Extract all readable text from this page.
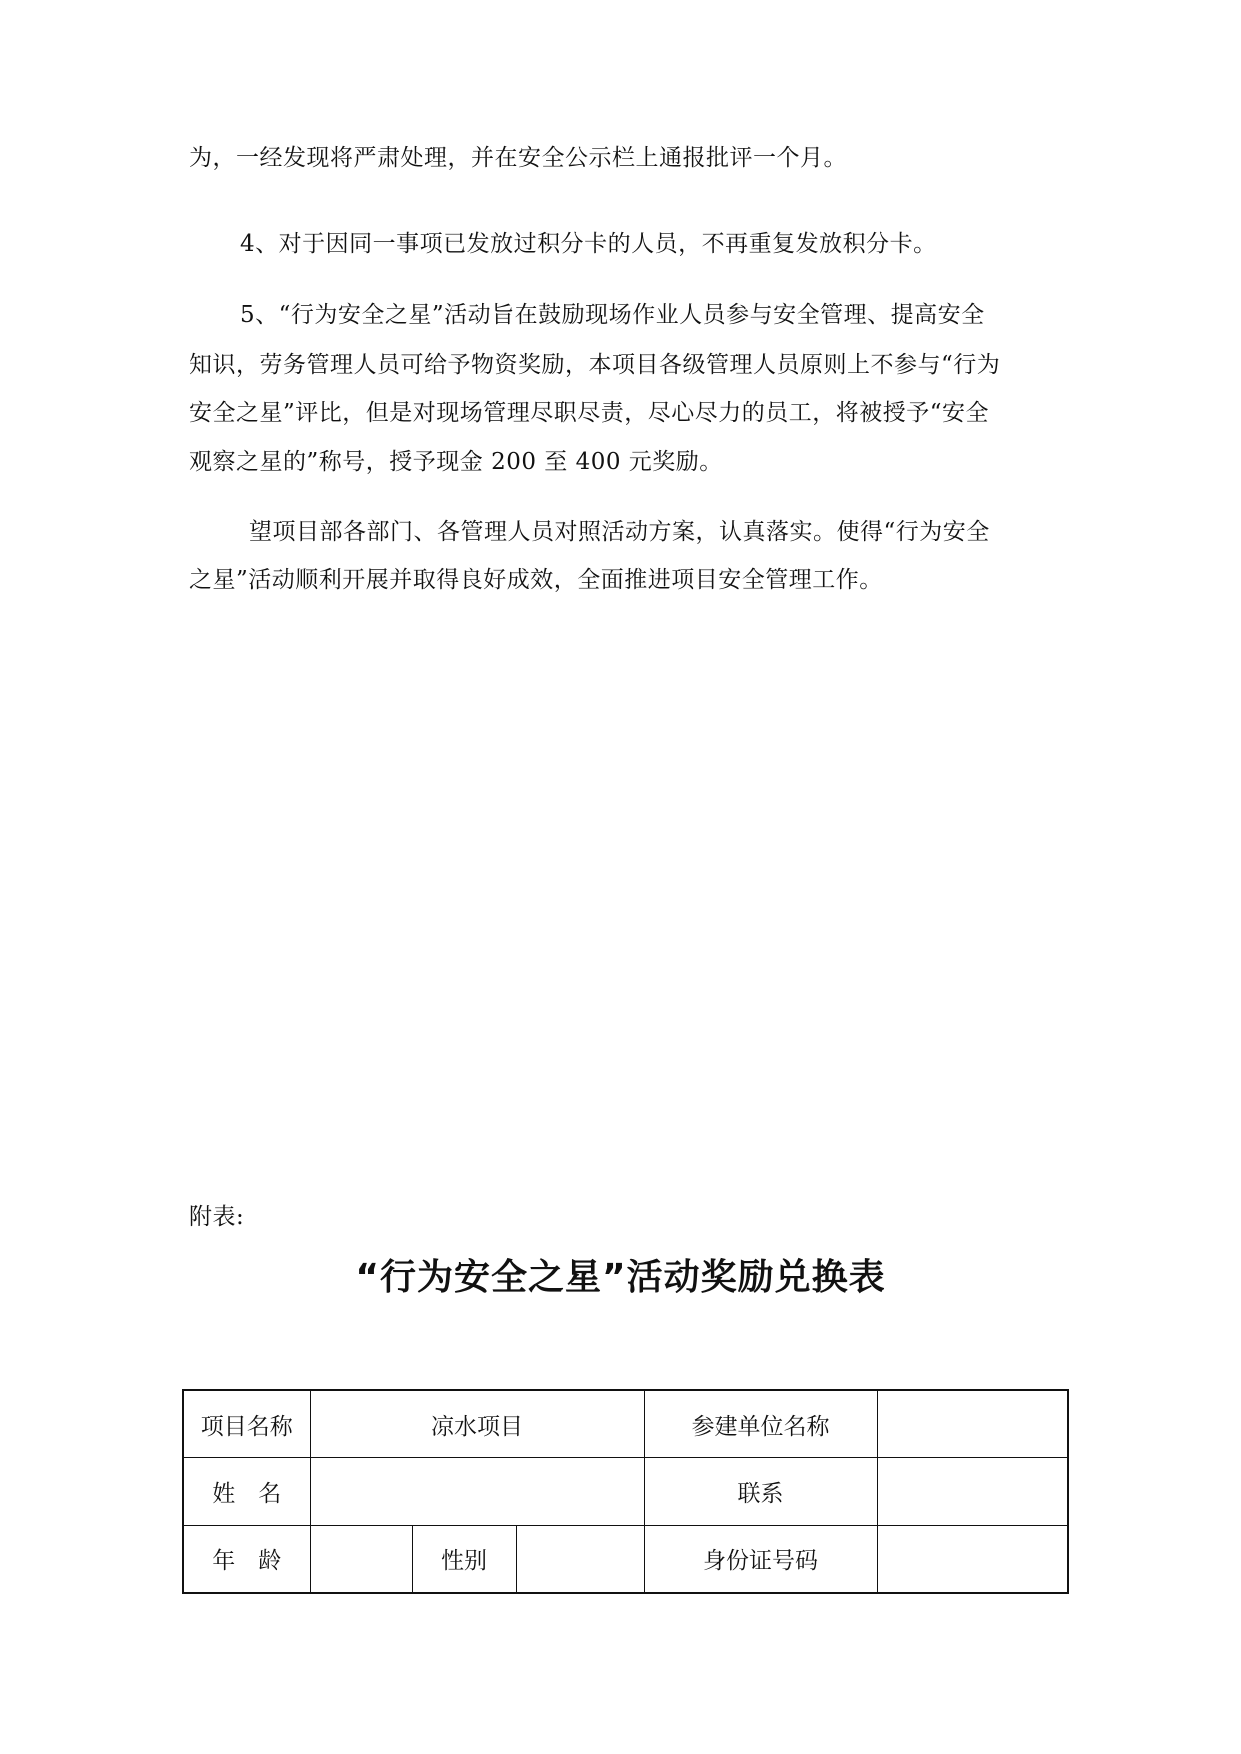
为，一经发现将严肃处理，并在安全公示栏上通报批评一个月。
4、对于因同一事项已发放过积分卡的人员，不再重复发放积分卡。
5、“行为安全之星”活动旨在鼓励现场作业人员参与安全管理、提高安全
知识，劳务管理人员可给予物资奖励，本项目各级管理人员原则上不参与“行为
安全之星”评比，但是对现场管理尽职尽责，尽心尽力的员工，将被授予“安全
观察之星的”称号，授予现金 200 至 400 元奖励。
望项目部各部门、各管理人员对照活动方案，认真落实。使得“行为安全
之星”活动顺利开展并取得良好成效，全面推进项目安全管理工作。
附表:
“行为安全之星”活动奖励兑换表
项目名称	凉水项目			参建单位名称	
姓　名				联系	
年　龄		性别		身份证号码	
